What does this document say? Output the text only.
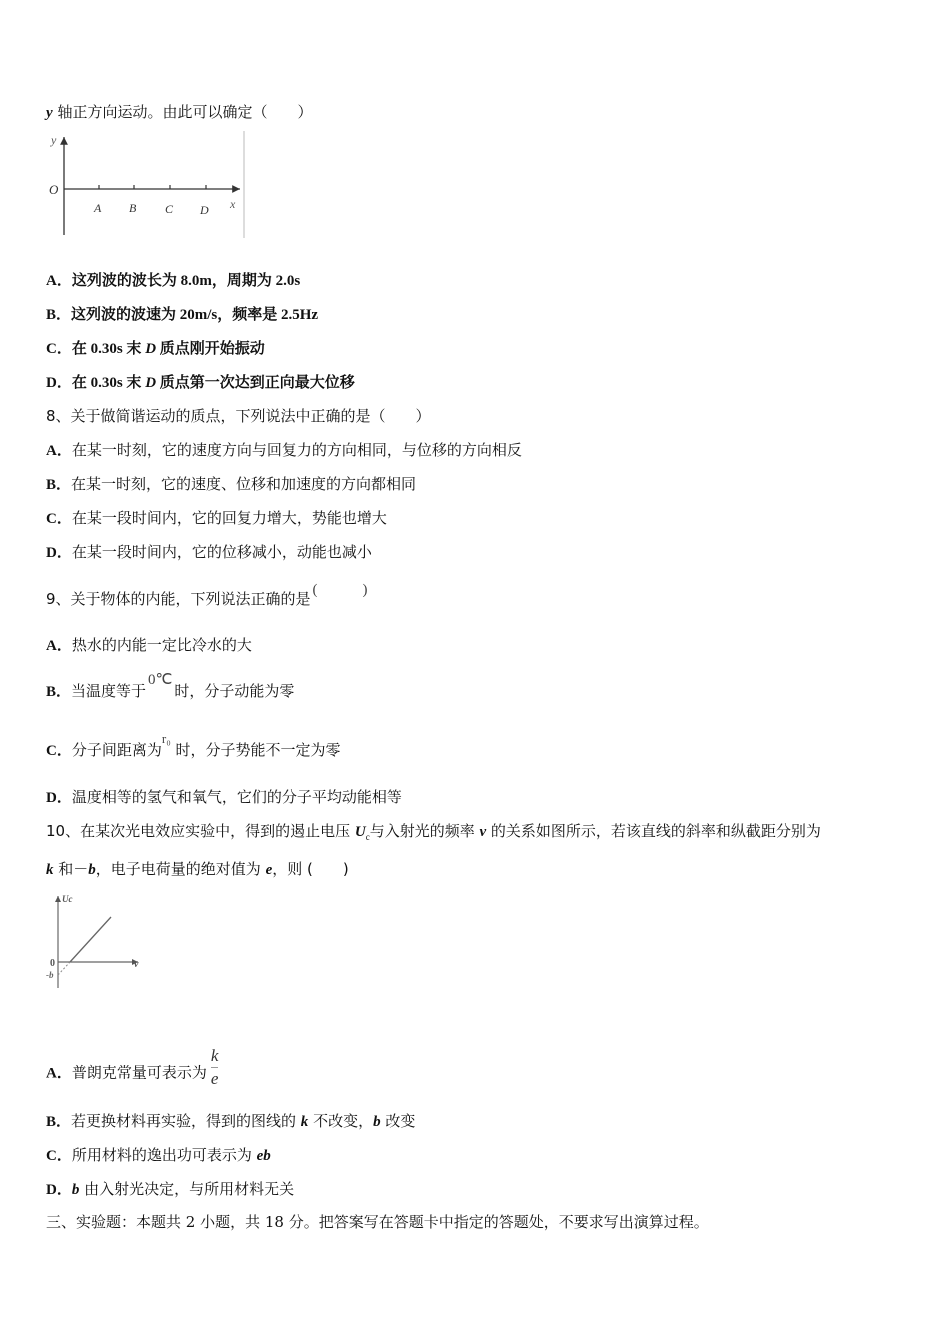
y 轴正方向运动。由此可以确定（　　）
y
O
A B C D x
A．这列波的波长为 8.0m，周期为 2.0s
B．这列波的波速为 20m/s，频率是 2.5Hz
C．在 0.30s 末 D 质点刚开始振动
D．在 0.30s 末 D 质点第一次达到正向最大位移
8、关于做简谐运动的质点，下列说法中正确的是（　　）
A．在某一时刻，它的速度方向与回复力的方向相同，与位移的方向相反
B．在某一时刻，它的速度、位移和加速度的方向都相同
C．在某一段时间内，它的回复力增大，势能也增大
D．在某一段时间内，它的位移减小，动能也减小
9、关于物体的内能，下列说法正确的是 (　　　)
A．热水的内能一定比冷水的大
B．当温度等于0℃时，分子动能为零
C．分子间距离为r₀ 时，分子势能不一定为零
D．温度相等的氢气和氧气，它们的分子平均动能相等
10、在某次光电效应实验中，得到的遏止电压 $U_c$与入射光的频率 ν 的关系如图所示，若该直线的斜率和纵截距分别为
k 和－b，电子电荷量的绝对值为 e，则 (　　)
Uc
0
-b
ν
A．普朗克常量可表示为 $\frac{k}{e}$
B．若更换材料再实验，得到的图线的 k 不改变，b 改变
C．所用材料的逸出功可表示为 eb
D．b 由入射光决定，与所用材料无关
三、实验题：本题共 2 小题，共 18 分。把答案写在答题卡中指定的答题处，不要求写出演算过程。
